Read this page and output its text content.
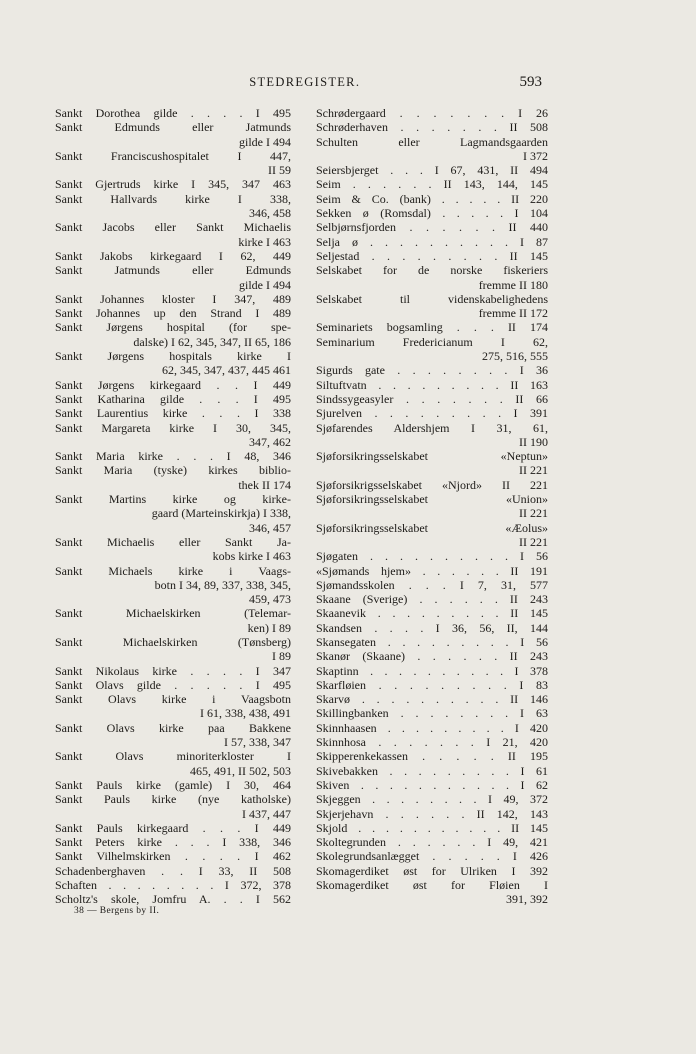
STEDREGISTER.	593
Sankt Dorothea gilde . . . . I 495
Sankt Edmunds eller Jatmunds
gilde I 494
Sankt Franciscushospitalet I 447,
II 59
Sankt Gjertruds kirke I 345, 347 463
Sankt Hallvards kirke I 338,
346, 458
Sankt Jacobs eller Sankt Michaelis
kirke I 463
Sankt Jakobs kirkegaard I 62, 449
Sankt Jatmunds eller Edmunds
gilde I 494
Sankt Johannes kloster I 347, 489
Sankt Johannes up den Strand I 489
Sankt Jørgens hospital (for spe-
dalske) I 62, 345, 347, II 65, 186
Sankt Jørgens hospitals kirke I
62, 345, 347, 437, 445 461
Sankt Jørgens kirkegaard . . I 449
Sankt Katharina gilde . . . I 495
Sankt Laurentius kirke . . . I 338
Sankt Margareta kirke I 30, 345,
347, 462
Sankt Maria kirke . . . I 48, 346
Sankt Maria (tyske) kirkes biblio-
thek II 174
Sankt Martins kirke og kirke-
gaard (Marteinskirkja) I 338,
346, 457
Sankt Michaelis eller Sankt Ja-
kobs kirke I 463
Sankt Michaels kirke i Vaags-
botn I 34, 89, 337, 338, 345,
459, 473
Sankt Michaelskirken (Telemar-
ken) I 89
Sankt Michaelskirken (Tønsberg)
I 89
Sankt Nikolaus kirke . . . . I 347
Sankt Olavs gilde . . . . . I 495
Sankt Olavs kirke i Vaagsbotn
I 61, 338, 438, 491
Sankt Olavs kirke paa Bakkene
I 57, 338, 347
Sankt Olavs minoriterkloster I
465, 491, II 502, 503
Sankt Pauls kirke (gamle) I 30, 464
Sankt Pauls kirke (nye katholske)
I 437, 447
Sankt Pauls kirkegaard . . . I 449
Sankt Peters kirke . . . I 338, 346
Sankt Vilhelmskirken . . . . I 462
Schadenberghaven . . I 33, II 508
Schaften . . . . . . . . I 372, 378
Scholtz's skole, Jomfru A. . . I 562
Schrødergaard . . . . . . . I 26
Schrøderhaven . . . . . . . II 508
Schulten eller Lagmandsgaarden
I 372
Seiersbjerget . . . I 67, 431, II 494
Seim . . . . . . II 143, 144, 145
Seim & Co. (bank) . . . . . II 220
Sekken ø (Romsdal) . . . . . I 104
Selbjørnsfjorden . . . . . . II 440
Selja ø . . . . . . . . . . I 87
Seljestad . . . . . . . . . II 145
Selskabet for de norske fiskeriers
fremme II 180
Selskabet til videnskabelighedens
fremme II 172
Seminariets bogsamling . . . II 174
Seminarium Fredericianum I 62,
275, 516, 555
Sigurds gate . . . . . . . . I 36
Siltuftvatn . . . . . . . . . II 163
Sindssygeasyler . . . . . . . II 66
Sjurelven . . . . . . . . . I 391
Sjøfarendes Aldershjem I 31, 61,
II 190
Sjøforsikringsselskabet «Neptun»
II 221
Sjøforsikrigsselskabet «Njord» II 221
Sjøforsikringsselskabet «Union»
II 221
Sjøforsikringsselskabet «Æolus»
II 221
Sjøgaten . . . . . . . . . . I 56
«Sjømands hjem» . . . . . . II 191
Sjømandsskolen . . . I 7, 31, 577
Skaane (Sverige) . . . . . . II 243
Skaanevik . . . . . . . . . II 145
Skandsen . . . . I 36, 56, II, 144
Skansegaten . . . . . . . . . I 56
Skanør (Skaane) . . . . . . II 243
Skaptinn . . . . . . . . . . I 378
Skarfløien . . . . . . . . . I 83
Skarvø . . . . . . . . . . II 146
Skillingbanken . . . . . . . . I 63
Skinnhaasen . . . . . . . . . I 420
Skinnhosa . . . . . . . I 21, 420
Skipperenkekassen . . . . . II 195
Skivebakken . . . . . . . . . I 61
Skiven . . . . . . . . . . . I 62
Skjeggen . . . . . . . . I 49, 372
Skjerjehavn . . . . . . II 142, 143
Skjold . . . . . . . . . . . II 145
Skoltegrunden . . . . . . I 49, 421
Skolegrundsanlægget . . . . . I 426
Skomagerdiket øst for Ulriken I 392
Skomagerdiket øst for Fløien I
391, 392
38 — Bergens by II.
